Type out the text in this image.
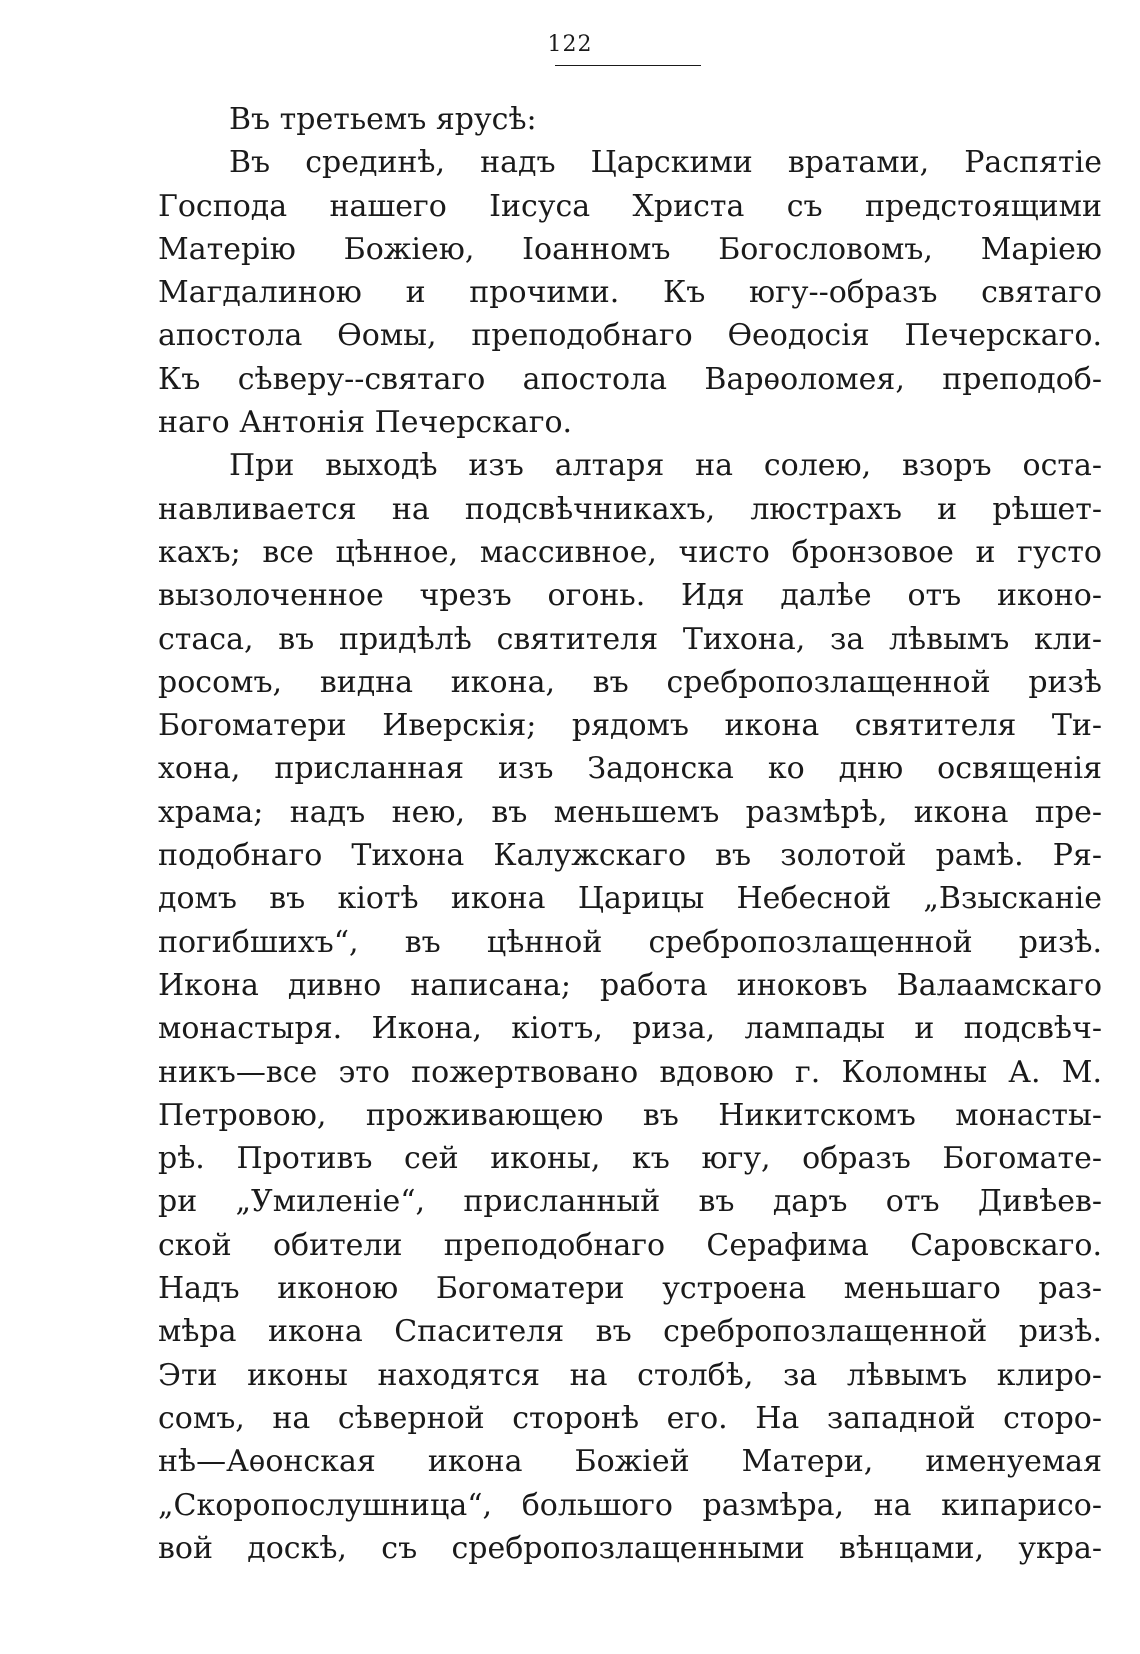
122
Въ третьемъ ярусѣ:
Въ срединѣ, надъ Царскими вратами, Распятіе
Господа нашего Іисуса Христа съ предстоящими
Матерію Божіею, Іоанномъ Богословомъ, Маріею
Магдалиною и прочими. Къ югу--образъ святаго
апостола Ѳомы, преподобнаго Ѳеодосія Печерскаго.
Къ сѣверу--святаго апостола Варѳоломея, преподоб-
наго Антонія Печерскаго.
При выходѣ изъ алтаря на солею, взоръ оста-
навливается на подсвѣчникахъ, люстрахъ и рѣшет-
кахъ; все цѣнное, массивное, чисто бронзовое и густо
вызолоченное чрезъ огонь. Идя далѣе отъ иконо-
стаса, въ придѣлѣ святителя Тихона, за лѣвымъ кли-
росомъ, видна икона, въ сребропозлащенной ризѣ
Богоматери Иверскія; рядомъ икона святителя Ти-
хона, присланная изъ Задонска ко дню освященія
храма; надъ нею, въ меньшемъ размѣрѣ, икона пре-
подобнаго Тихона Калужскаго въ золотой рамѣ. Ря-
домъ въ кіотѣ икона Царицы Небесной „Взысканіе
погибшихъ“, въ цѣнной сребропозлащенной ризѣ.
Икона дивно написана; работа иноковъ Валаамскаго
монастыря. Икона, кіотъ, риза, лампады и подсвѣч-
никъ—все это пожертвовано вдовою г. Коломны А. М.
Петровою, проживающею въ Никитскомъ монасты-
рѣ. Противъ сей иконы, къ югу, образъ Богомате-
ри „Умиленіе“, присланный въ даръ отъ Дивѣев-
ской обители преподобнаго Серафима Саровскаго.
Надъ иконою Богоматери устроена меньшаго раз-
мѣра икона Спасителя въ сребропозлащенной ризѣ.
Эти иконы находятся на столбѣ, за лѣвымъ клиро-
сомъ, на сѣверной сторонѣ его. На западной сторо-
нѣ—Аѳонская икона Божіей Матери, именуемая
„Скоропослушница“, большого размѣра, на кипарисо-
вой доскѣ, съ сребропозлащенными вѣнцами, укра-
